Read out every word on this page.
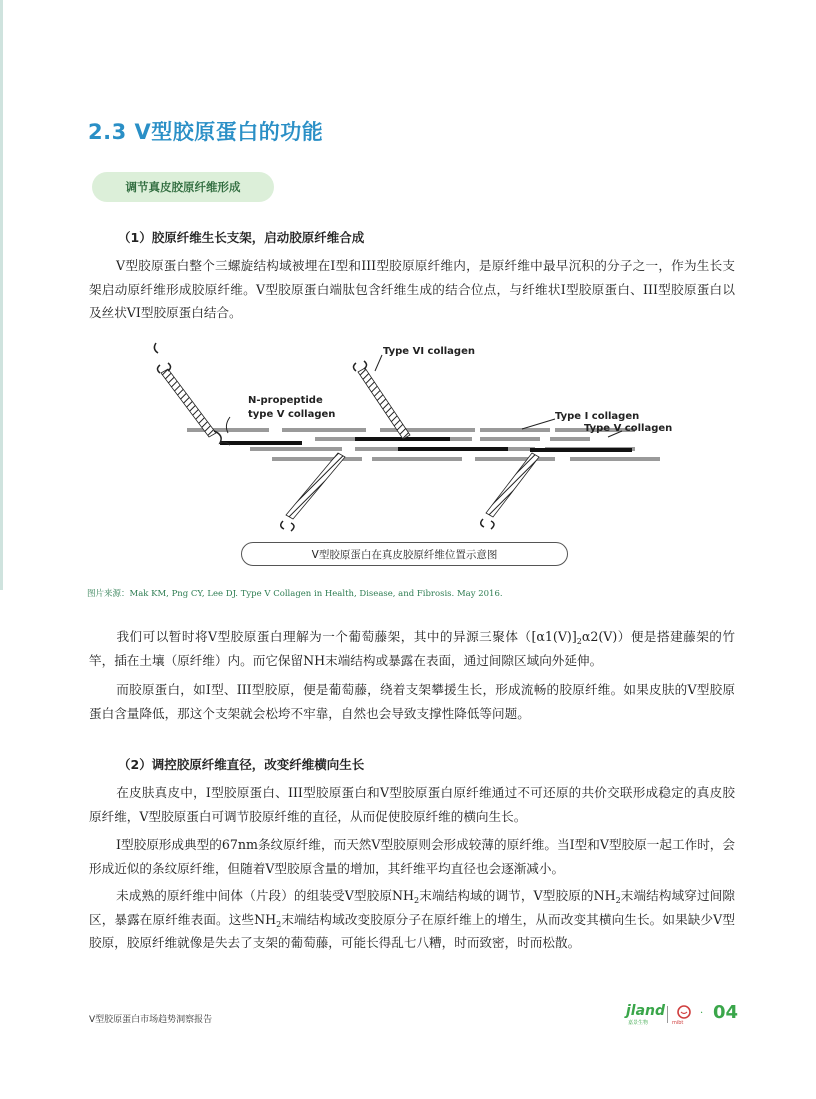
2.3 V型胶原蛋白的功能
调节真皮胶原纤维形成
（1）胶原纤维生长支架，启动胶原纤维合成

V型胶原蛋白整个三螺旋结构域被埋在I型和III型胶原原纤维内，是原纤维中最早沉积的分子之一，作为生长支架启动原纤维形成胶原纤维。V型胶原蛋白端肽包含纤维生成的结合位点，与纤维状I型胶原蛋白、III型胶原蛋白以及丝状VI型胶原蛋白结合。

Type VI collagen
N-propeptide
type V collagen	Type I collagen
Type V collagen
V型胶原蛋白在真皮胶原纤维位置示意图
图片来源：Mak KM, Png CY, Lee DJ. Type V Collagen in Health, Disease, and Fibrosis. May 2016.

我们可以暂时将V型胶原蛋白理解为一个葡萄藤架，其中的异源三聚体$([\alpha 1(V)]_2\alpha 2(V))$便是搭建藤架的竹竿，插在土壤（原纤维）内。而它保留NH末端结构或暴露在表面，通过间隙区域向外延伸。

而胶原蛋白，如I型、III型胶原，便是葡萄藤，绕着支架攀援生长，形成流畅的胶原纤维。如果皮肤的V型胶原蛋白含量降低，那这个支架就会松垮不牢靠，自然也会导致支撑性降低等问题。

（2）调控胶原纤维直径，改变纤维横向生长

在皮肤真皮中，I型胶原蛋白、III型胶原蛋白和V型胶原蛋白原纤维通过不可还原的共价交联形成稳定的真皮胶原纤维，V型胶原蛋白可调节胶原纤维的直径，从而促使胶原纤维的横向生长。

I型胶原形成典型的67nm条纹原纤维，而天然V型胶原则会形成较薄的原纤维。当I型和V型胶原一起工作时，会形成近似的条纹原纤维，但随着V型胶原含量的增加，其纤维平均直径也会逐渐减小。

未成熟的原纤维中间体（片段）的组装受V型胶原$NH_2$末端结构域的调节，V型胶原的$NH_2$末端结构域穿过间隙区，暴露在原纤维表面。这些$NH_2$末端结构域改变胶原分子在原纤维上的增生，从而改变其横向生长。如果缺少V型胶原，胶原纤维就像是失去了支架的葡萄藤，可能长得乱七八糟，时而致密，时而松散。

V型胶原蛋白市场趋势洞察报告
jland
嘉景生物	mibt
· 04
